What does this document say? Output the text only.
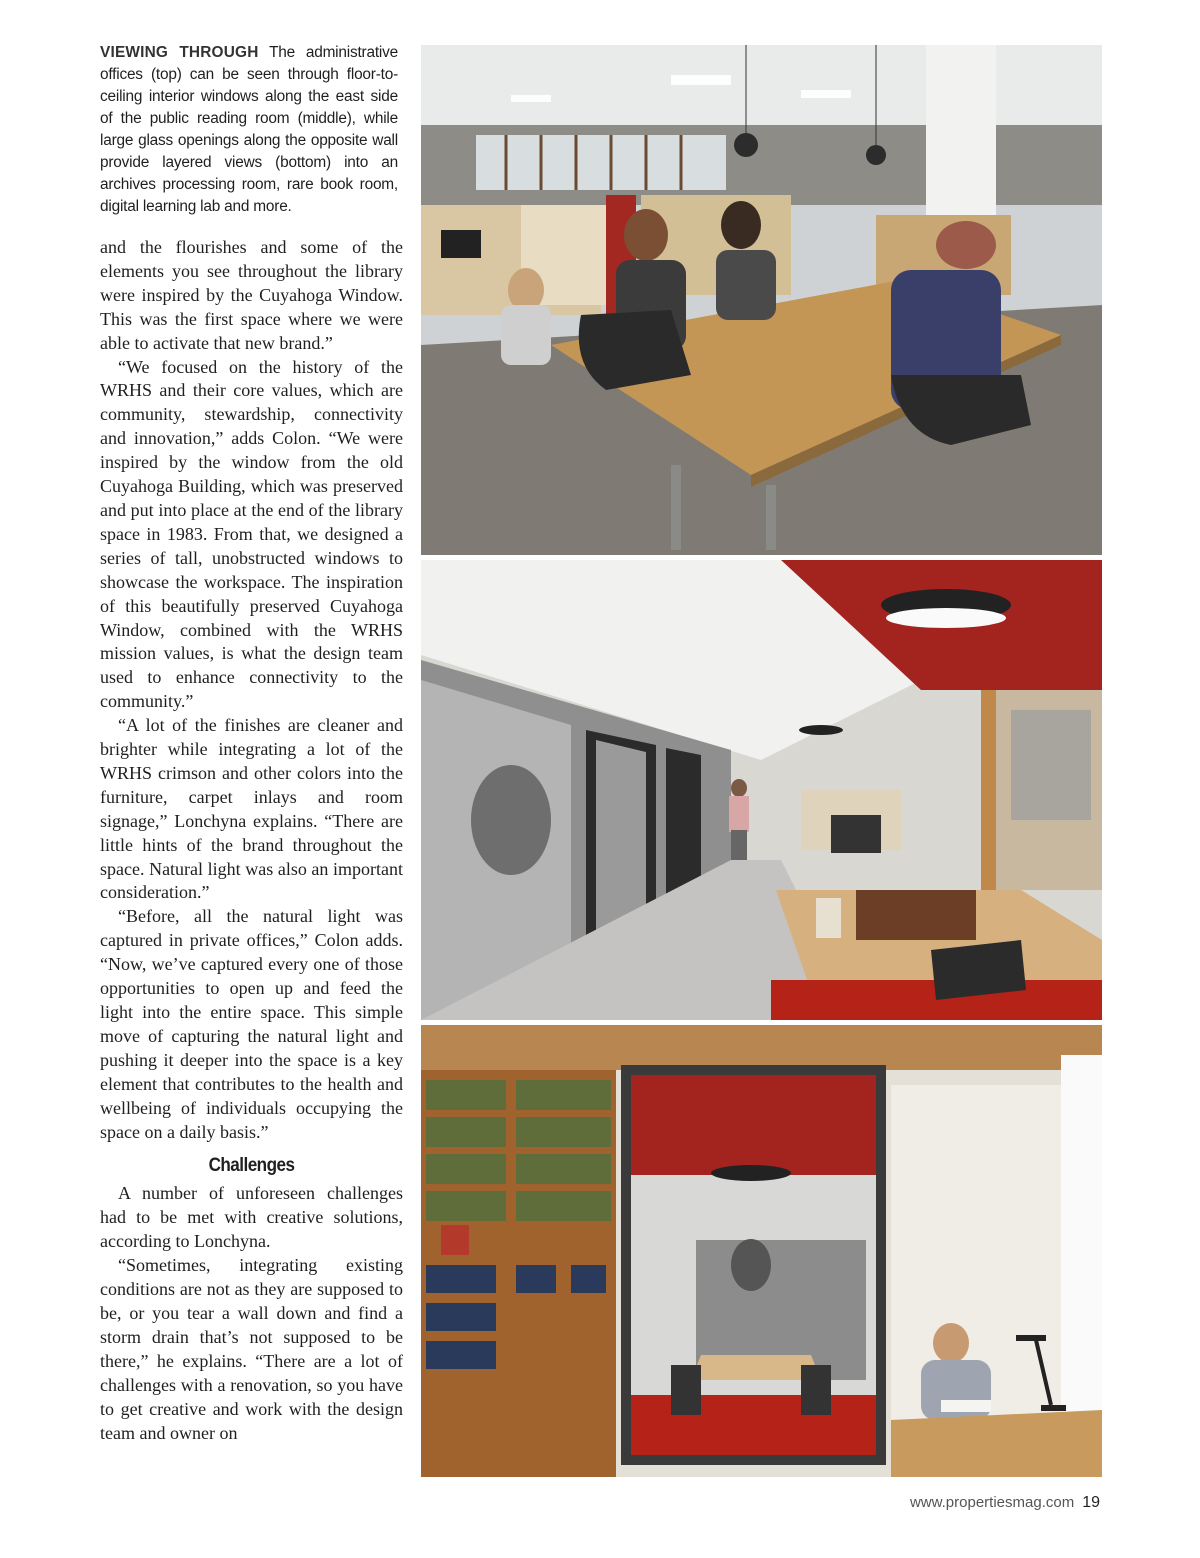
VIEWING THROUGH The administrative offices (top) can be seen through floor-to-ceiling interior windows along the east side of the public reading room (middle), while large glass openings along the opposite wall provide layered views (bottom) into an archives processing room, rare book room, digital learning lab and more.

and the flourishes and some of the elements you see throughout the library were inspired by the Cuyahoga Window. This was the first space where we were able to activate that new brand.”

“We focused on the history of the WRHS and their core values, which are community, stewardship, connectivity and innovation,” adds Colon. “We were inspired by the window from the old Cuyahoga Building, which was preserved and put into place at the end of the library space in 1983. From that, we designed a series of tall, unobstructed windows to showcase the workspace. The inspiration of this beautifully preserved Cuyahoga Window, combined with the WRHS mission values, is what the design team used to enhance connectivity to the community.”

“A lot of the finishes are cleaner and brighter while integrating a lot of the WRHS crimson and other colors into the furniture, carpet inlays and room signage,” Lonchyna explains. “There are little hints of the brand throughout the space. Natural light was also an important consideration.”

“Before, all the natural light was captured in private offices,” Colon adds. “Now, we’ve captured every one of those opportunities to open up and feed the light into the entire space. This simple move of capturing the natural light and pushing it deeper into the space is a key element that contributes to the health and wellbeing of individuals occupying the space on a daily basis.”

Challenges

A number of unforeseen challenges had to be met with creative solutions, according to Lonchyna.

“Sometimes, integrating existing conditions are not as they are supposed to be, or you tear a wall down and find a storm drain that’s not supposed to be there,” he explains. “There are a lot of challenges with a renovation, so you have to get creative and work with the design team and owner on

www.propertiesmag.com 19
